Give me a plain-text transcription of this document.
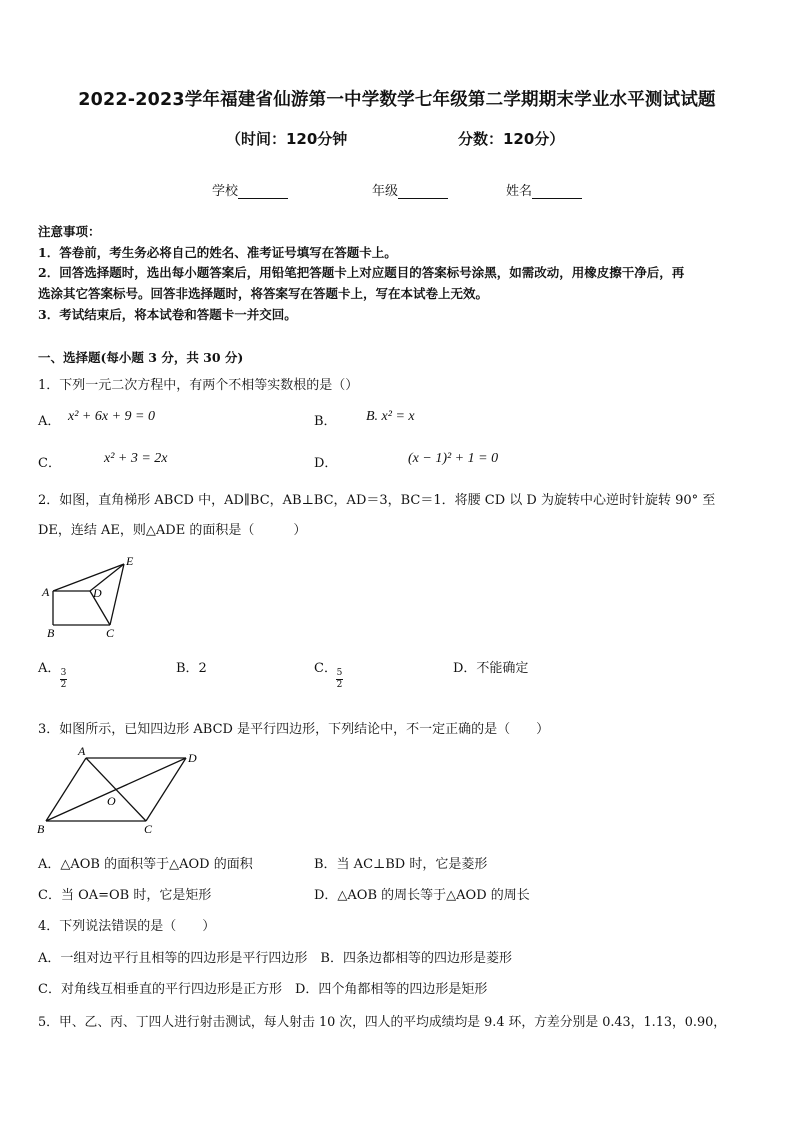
2022-2023学年福建省仙游第一中学数学七年级第二学期期末学业水平测试试题
（时间：120分钟	分数：120分）
学校	年级	姓名
注意事项：
1．答卷前，考生务必将自己的姓名、准考证号填写在答题卡上。
2．回答选择题时，选出每小题答案后，用铅笔把答题卡上对应题目的答案标号涂黑，如需改动，用橡皮擦干净后，再
选涂其它答案标号。回答非选择题时，将答案写在答题卡上，写在本试卷上无效。
3．考试结束后，将本试卷和答题卡一并交回。
一、选择题(每小题 3 分，共 30 分)
1．下列一元二次方程中，有两个不相等实数根的是（）
A． x² + 6x + 9 = 0	B． B. x² = x
C．	x² + 3 = 2x	D．	(x − 1)² + 1 = 0
2．如图，直角梯形 ABCD 中，AD∥BC，AB⊥BC，AD＝3，BC＝1．将腰 CD 以 D 为旋转中心逆时针旋转 90° 至
DE，连结 AE，则△ADE 的面积是（　　　）
A
B	C
D
E
A． 3
2
B．2	C． 5
2
D．不能确定
3．如图所示，已知四边形 ABCD 是平行四边形，下列结论中，不一定正确的是（　　）
A
B	C
D
O
A．△AOB 的面积等于△AOD 的面积	B．当 AC⊥BD 时，它是菱形
C．当 OA=OB 时，它是矩形	D．△AOB 的周长等于△AOD 的周长
4．下列说法错误的是（　　）
A．一组对边平行且相等的四边形是平行四边形　B．四条边都相等的四边形是菱形
C．对角线互相垂直的平行四边形是正方形　D．四个角都相等的四边形是矩形
5．甲、乙、丙、丁四人进行射击测试，每人射击 10 次，四人的平均成绩均是 9.4 环，方差分别是 0.43，1.13，0.90，
